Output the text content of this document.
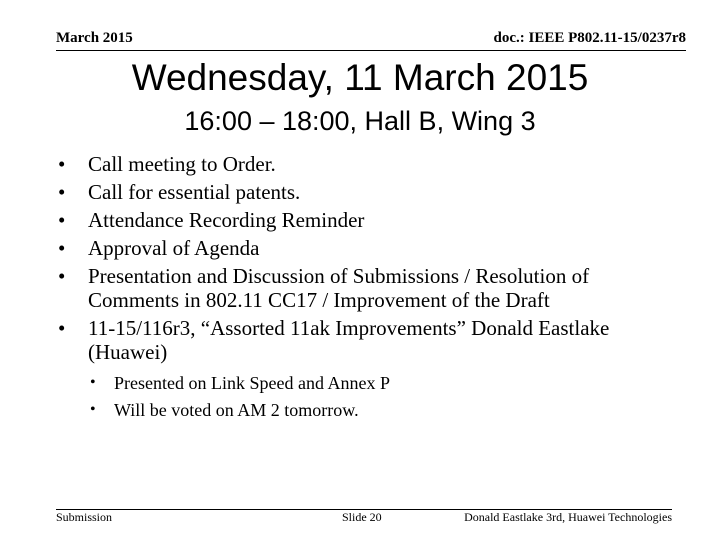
March 2015	doc.: IEEE P802.11-15/0237r8
Wednesday, 11 March 2015
16:00 – 18:00, Hall B, Wing 3
• Call meeting to Order.
• Call for essential patents.
• Attendance Recording Reminder
• Approval of Agenda
• Presentation and Discussion of Submissions / Resolution of Comments in 802.11 CC17 / Improvement of the Draft
• 11-15/116r3, “Assorted 11ak Improvements” Donald Eastlake (Huawei)
• Presented on Link Speed and Annex P
• Will be voted on AM 2 tomorrow.
Submission	Slide 20	Donald Eastlake 3rd, Huawei Technologies
